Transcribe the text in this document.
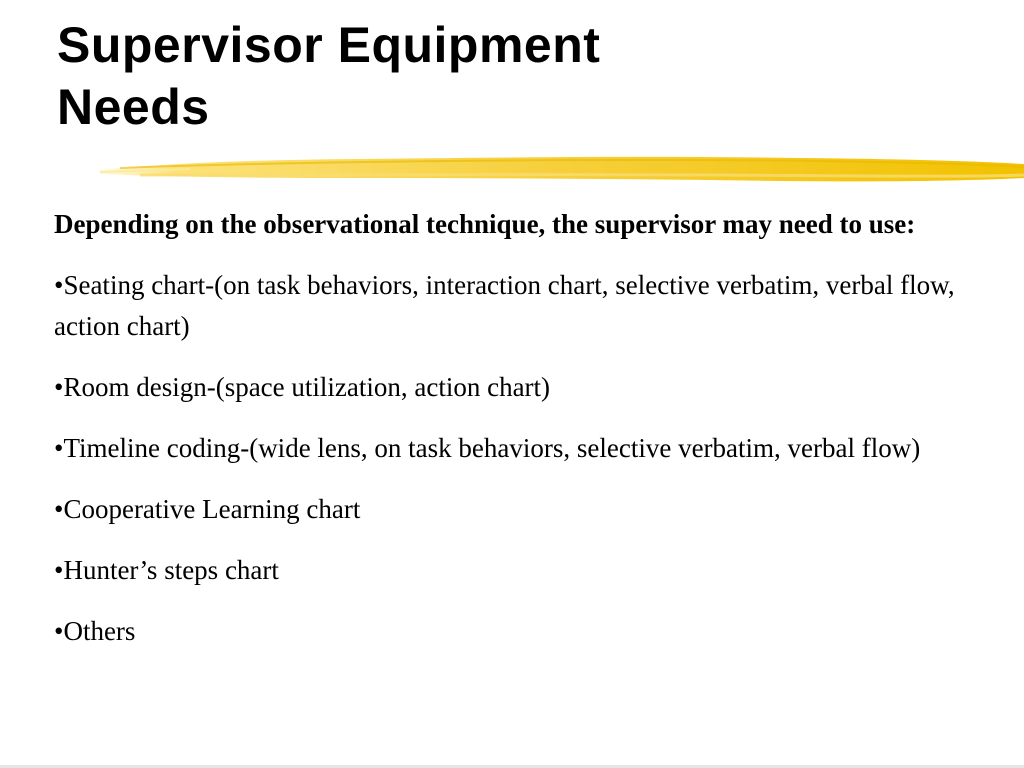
Supervisor Equipment
Needs

Depending on the observational technique, the supervisor may need to use:

•Seating chart-(on task behaviors, interaction chart, selective verbatim, verbal flow, action chart)
•Room design-(space utilization, action chart)
•Timeline coding-(wide lens, on task behaviors, selective verbatim, verbal flow)
•Cooperative Learning chart
•Hunter’s steps chart
•Others
